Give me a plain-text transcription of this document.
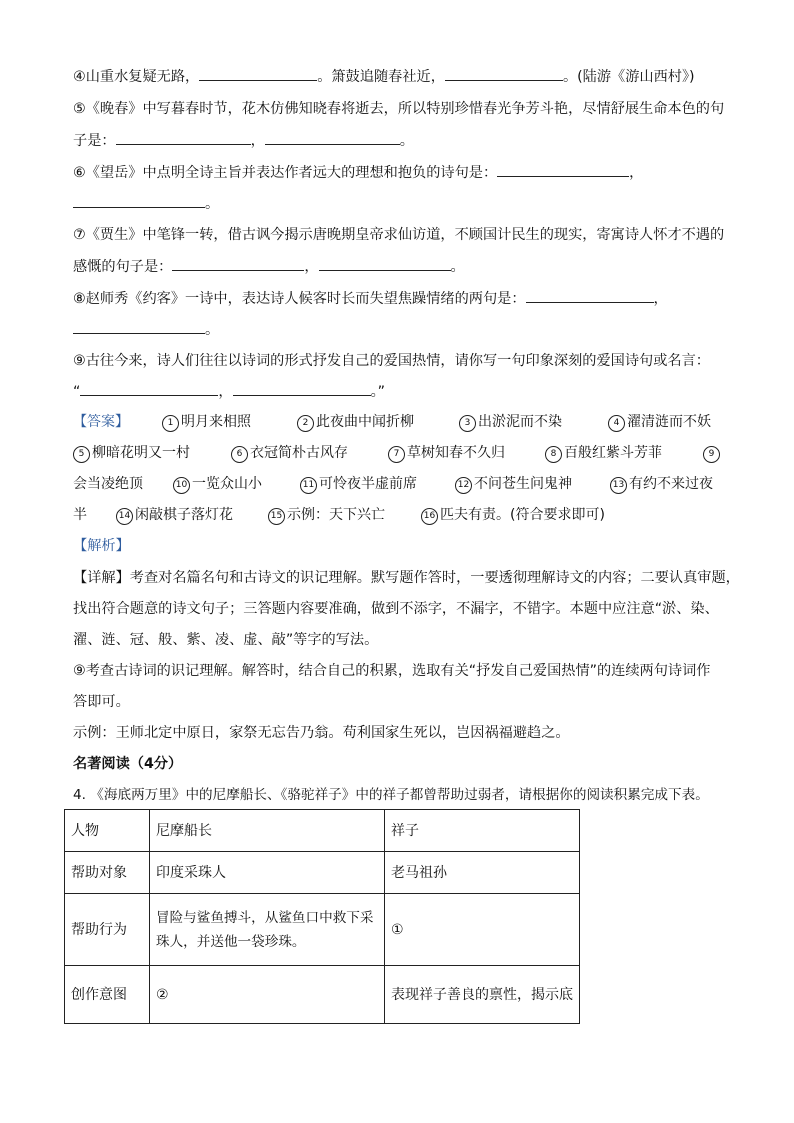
④山重水复疑无路，	。箫鼓追随春社近，	。(陆游《游山西村》)
⑤《晚春》中写暮春时节，花木仿佛知晓春将逝去，所以特别珍惜春光争芳斗艳，尽情舒展生命本色的句
子是：	，	。
⑥《望岳》中点明全诗主旨并表达作者远大的理想和抱负的诗句是：	，
。
⑦《贾生》中笔锋一转，借古讽今揭示唐晚期皇帝求仙访道，不顾国计民生的现实，寄寓诗人怀才不遇的
感慨的句子是：	，	。
⑧赵师秀《约客》一诗中，表达诗人候客时长而失望焦躁情绪的两句是：	，
。
⑨古往今来，诗人们往往以诗词的形式抒发自己的爱国热情，请你写一句印象深刻的爱国诗句或名言：
“	，	。”
【答案】	1 明月来相照	2 此夜曲中闻折柳	3 出淤泥而不染	4 濯清涟而不妖
5 柳暗花明又一村	6 衣冠简朴古风存	7 草树知春不久归	8 百般红紫斗芳菲	9
会当凌绝顶	10 一览众山小	11 可怜夜半虚前席	12 不问苍生问鬼神	13 有约不来过夜
半	14 闲敲棋子落灯花	15 示例：天下兴亡	16 匹夫有责。(符合要求即可)
【解析】
【详解】考查对名篇名句和古诗文的识记理解。默写题作答时，一要透彻理解诗文的内容；二要认真审题，
找出符合题意的诗文句子；三答题内容要准确，做到不添字，不漏字，不错字。本题中应注意“淤、染、
濯、涟、冠、般、紫、凌、虚、敲”等字的写法。
⑨考查古诗词的识记理解。解答时，结合自己的积累，选取有关“抒发自己爱国热情”的连续两句诗词作
答即可。
示例：王师北定中原日，家祭无忘告乃翁。苟利国家生死以，岂因祸福避趋之。
名著阅读（4分）
4. 《海底两万里》中的尼摩船长、《骆驼祥子》中的祥子都曾帮助过弱者，请根据你的阅读积累完成下表。
人物	尼摩船长	祥子
帮助对象	印度采珠人	老马祖孙
帮助行为	冒险与鲨鱼搏斗，从鲨鱼口中救下采珠人，并送他一袋珍珠。	①
创作意图	②	表现祥子善良的禀性，揭示底
